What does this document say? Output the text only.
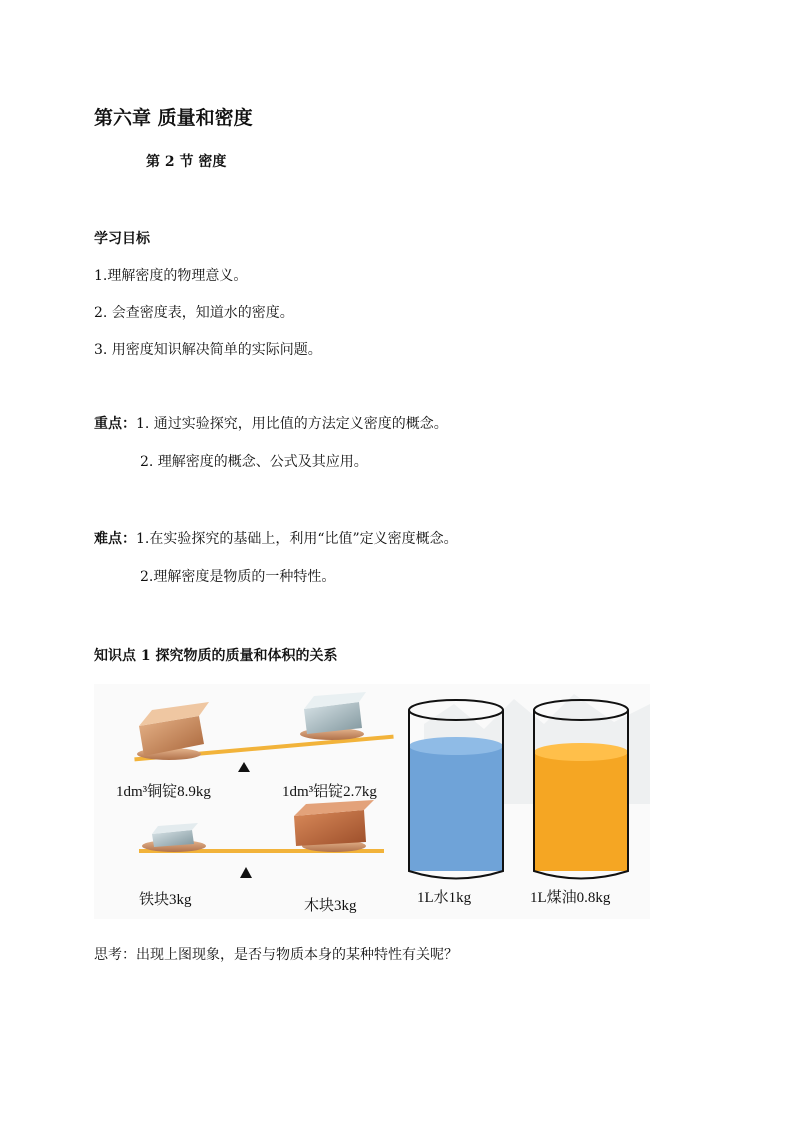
第六章 质量和密度
第 2 节 密度
学习目标
1.理解密度的物理意义。
2. 会查密度表，知道水的密度。
3. 用密度知识解决简单的实际问题。
重点：1. 通过实验探究，用比值的方法定义密度的概念。
2. 理解密度的概念、公式及其应用。
难点：1.在实验探究的基础上，利用“比值”定义密度概念。
2.理解密度是物质的一种特性。
知识点 1 探究物质的质量和体积的关系
1dm³铜锭8.9kg	1dm³铝锭2.7kg
铁块3kg	木块3kg	1L水1kg	1L煤油0.8kg
思考：出现上图现象，是否与物质本身的某种特性有关呢？
